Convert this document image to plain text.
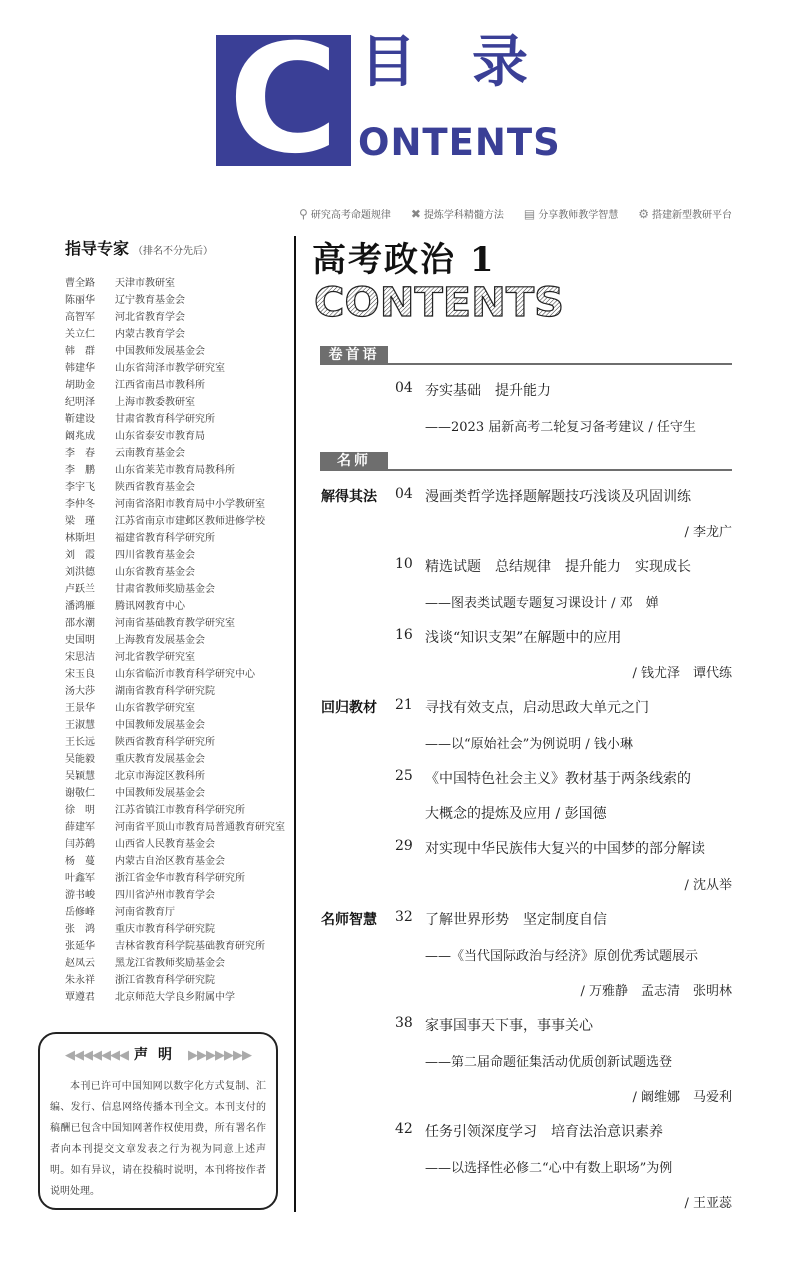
C 目录
ONTENTS
⚲ 研究高考命题规律 ✖ 提炼学科精髓方法 ▤ 分享教师教学智慧 ⚙ 搭建新型教研平台
指导专家 （排名不分先后）
曹全路	天津市教研室
陈丽华	辽宁教育基金会
高智军	河北省教育学会
关立仁	内蒙古教育学会
韩　群	中国教师发展基金会
韩建华	山东省菏泽市教学研究室
胡助金	江西省南昌市教科所
纪明泽	上海市教委教研室
靳建设	甘肃省教育科学研究所
阚兆成	山东省泰安市教育局
李　春	云南教育基金会
李　鹏	山东省莱芜市教育局教科所
李宇飞	陕西省教育基金会
李仲冬	河南省洛阳市教育局中小学教研室
梁　瑾	江苏省南京市建邺区教师进修学校
林斯坦	福建省教育科学研究所
刘　霞	四川省教育基金会
刘洪德	山东省教育基金会
卢跃兰	甘肃省教师奖励基金会
潘鸿雁	腾讯网教育中心
邵水潮	河南省基础教育教学研究室
史国明	上海教育发展基金会
宋思洁	河北省教学研究室
宋玉良	山东省临沂市教育科学研究中心
汤大莎	湖南省教育科学研究院
王景华	山东省教学研究室
王淑慧	中国教师发展基金会
王长远	陕西省教育科学研究所
吴能毅	重庆教育发展基金会
吴颖慧	北京市海淀区教科所
谢敬仁	中国教师发展基金会
徐　明	江苏省镇江市教育科学研究所
薛建军	河南省平顶山市教育局普通教育研究室
闫苏鹤	山西省人民教育基金会
杨　蔓	内蒙古自治区教育基金会
叶鑫军	浙江省金华市教育科学研究所
游书峻	四川省泸州市教育学会
岳修峰	河南省教育厅
张　鸿	重庆市教育科学研究院
张延华	吉林省教育科学院基础教育研究所
赵凤云	黑龙江省教师奖励基金会
朱永祥	浙江省教育科学研究院
覃遵君	北京师范大学良乡附属中学
◀◀◀◀◀◀◀ 声明 ▶▶▶▶▶▶▶
本刊已许可中国知网以数字化方式复制、汇编、发行、信息网络传播本刊全文。本刊支付的稿酬已包含中国知网著作权使用费，所有署名作者向本刊提交文章发表之行为视为同意上述声明。如有异议，请在投稿时说明，本刊将按作者说明处理。
高考政治 1
CONTENTS
卷首语
04 夯实基础　提升能力
——2023 届新高考二轮复习备考建议 / 任守生
名师
解得其法 04 漫画类哲学选择题解题技巧浅谈及巩固训练
/ 李龙广
10 精选试题　总结规律　提升能力　实现成长
——图表类试题专题复习课设计 / 邓　婵
16 浅谈“知识支架”在解题中的应用
/ 钱尤泽　谭代练
回归教材 21 寻找有效支点，启动思政大单元之门
——以“原始社会”为例说明 / 钱小琳
25 《中国特色社会主义》教材基于两条线索的
大概念的提炼及应用 / 彭国德
29 对实现中华民族伟大复兴的中国梦的部分解读
/ 沈从举
名师智慧 32 了解世界形势　坚定制度自信
——《当代国际政治与经济》原创优秀试题展示
/ 万雅静　孟志清　张明林
38 家事国事天下事，事事关心
——第二届命题征集活动优质创新试题选登
/ 阚维娜　马爱利
42 任务引领深度学习　培育法治意识素养
——以选择性必修二“心中有数上职场”为例
/ 王亚蕊
